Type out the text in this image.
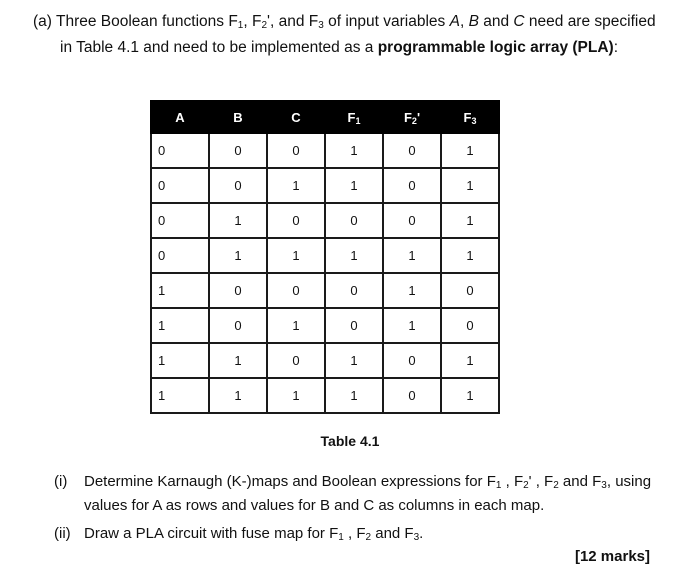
(a) Three Boolean functions $F_1$, $F_2'$, and $F_3$ of input variables A, B and C need are specified
in Table 4.1 and need to be implemented as a programmable logic array (PLA):
A	B	C	$F_1$	$F_2'$	$F_3$
0	0	0	1	0	1
0	0	1	1	0	1
0	1	0	0	0	1
0	1	1	1	1	1
1	0	0	0	1	0
1	0	1	0	1	0
1	1	0	1	0	1
1	1	1	1	0	1
Table 4.1
(i) Determine Karnaugh (K-)maps and Boolean expressions for $F_1$ , $F_2'$ , $F_2$ and $F_3$, using
values for A as rows and values for B and C as columns in each map.
(ii) Draw a PLA circuit with fuse map for $F_1$ , $F_2$ and $F_3$.
[12 marks]
